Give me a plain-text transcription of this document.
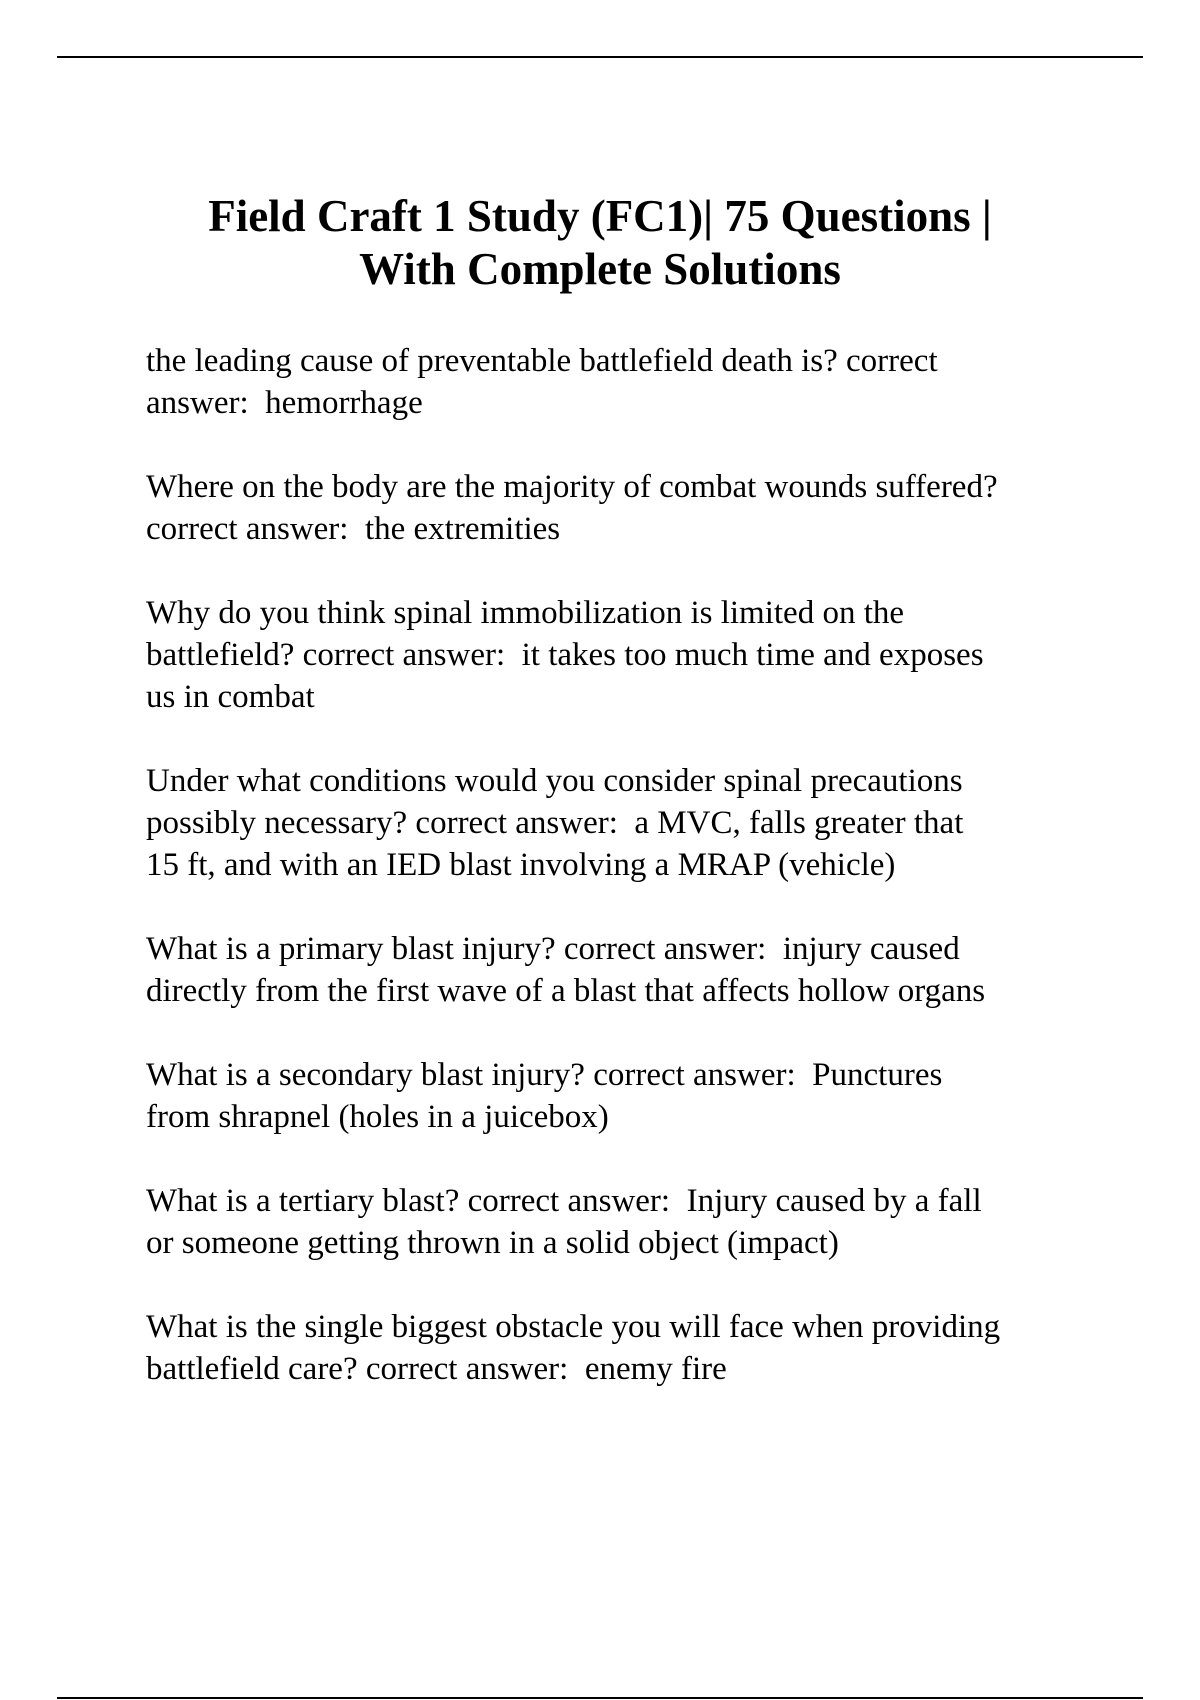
Field Craft 1 Study (FC1)| 75 Questions |
With Complete Solutions

the leading cause of preventable battlefield death is? correct
answer:  hemorrhage

Where on the body are the majority of combat wounds suffered?
correct answer:  the extremities

Why do you think spinal immobilization is limited on the
battlefield? correct answer:  it takes too much time and exposes
us in combat

Under what conditions would you consider spinal precautions
possibly necessary? correct answer:  a MVC, falls greater that
15 ft, and with an IED blast involving a MRAP (vehicle)

What is a primary blast injury? correct answer:  injury caused
directly from the first wave of a blast that affects hollow organs

What is a secondary blast injury? correct answer:  Punctures
from shrapnel (holes in a juicebox)

What is a tertiary blast? correct answer:  Injury caused by a fall
or someone getting thrown in a solid object (impact)

What is the single biggest obstacle you will face when providing
battlefield care? correct answer:  enemy fire
